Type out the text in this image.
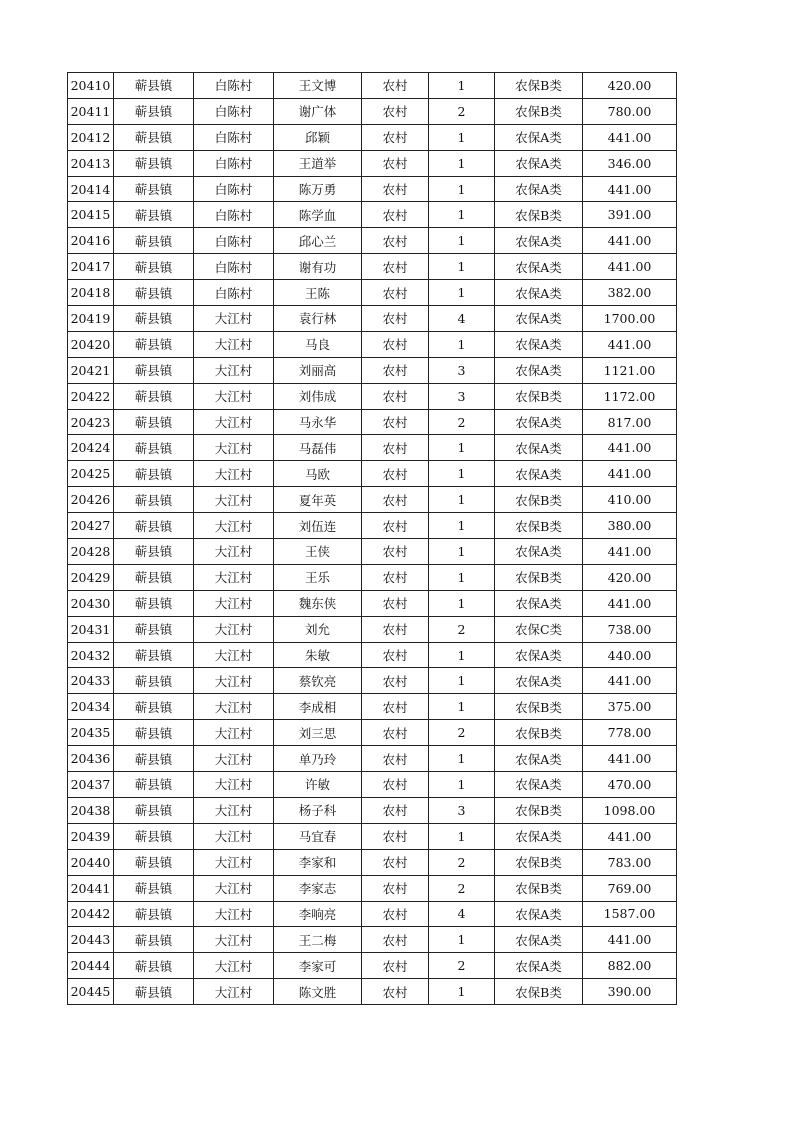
20410	蕲县镇	白陈村	王文博	农村	1	农保B类	420.00
20411	蕲县镇	白陈村	谢广体	农村	2	农保B类	780.00
20412	蕲县镇	白陈村	邱颖	农村	1	农保A类	441.00
20413	蕲县镇	白陈村	王道举	农村	1	农保A类	346.00
20414	蕲县镇	白陈村	陈万勇	农村	1	农保A类	441.00
20415	蕲县镇	白陈村	陈学血	农村	1	农保B类	391.00
20416	蕲县镇	白陈村	邱心兰	农村	1	农保A类	441.00
20417	蕲县镇	白陈村	谢有功	农村	1	农保A类	441.00
20418	蕲县镇	白陈村	王陈	农村	1	农保A类	382.00
20419	蕲县镇	大江村	袁行林	农村	4	农保A类	1700.00
20420	蕲县镇	大江村	马良	农村	1	农保A类	441.00
20421	蕲县镇	大江村	刘丽高	农村	3	农保A类	1121.00
20422	蕲县镇	大江村	刘伟成	农村	3	农保B类	1172.00
20423	蕲县镇	大江村	马永华	农村	2	农保A类	817.00
20424	蕲县镇	大江村	马磊伟	农村	1	农保A类	441.00
20425	蕲县镇	大江村	马欧	农村	1	农保A类	441.00
20426	蕲县镇	大江村	夏年英	农村	1	农保B类	410.00
20427	蕲县镇	大江村	刘伍连	农村	1	农保B类	380.00
20428	蕲县镇	大江村	王侠	农村	1	农保A类	441.00
20429	蕲县镇	大江村	王乐	农村	1	农保B类	420.00
20430	蕲县镇	大江村	魏东侠	农村	1	农保A类	441.00
20431	蕲县镇	大江村	刘允	农村	2	农保C类	738.00
20432	蕲县镇	大江村	朱敏	农村	1	农保A类	440.00
20433	蕲县镇	大江村	蔡钦亮	农村	1	农保A类	441.00
20434	蕲县镇	大江村	李成相	农村	1	农保B类	375.00
20435	蕲县镇	大江村	刘三思	农村	2	农保B类	778.00
20436	蕲县镇	大江村	单乃玲	农村	1	农保A类	441.00
20437	蕲县镇	大江村	许敏	农村	1	农保A类	470.00
20438	蕲县镇	大江村	杨子科	农村	3	农保B类	1098.00
20439	蕲县镇	大江村	马宜春	农村	1	农保A类	441.00
20440	蕲县镇	大江村	李家和	农村	2	农保B类	783.00
20441	蕲县镇	大江村	李家志	农村	2	农保B类	769.00
20442	蕲县镇	大江村	李响亮	农村	4	农保A类	1587.00
20443	蕲县镇	大江村	王二梅	农村	1	农保A类	441.00
20444	蕲县镇	大江村	李家可	农村	2	农保A类	882.00
20445	蕲县镇	大江村	陈文胜	农村	1	农保B类	390.00
